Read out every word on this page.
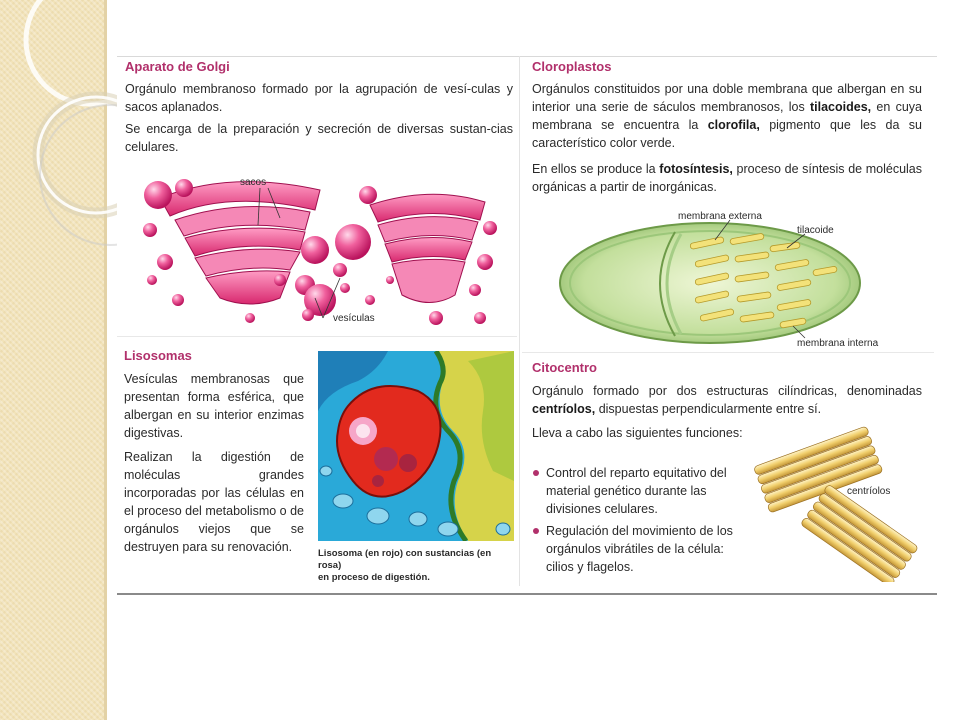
Aparato de Golgi

Orgánulo membranoso formado por la agrupación de vesí-culas y sacos aplanados.

Se encarga de la preparación y secreción de diversas sustan-cias celulares.

sacos
vesículas
Cloroplastos

Orgánulos constituidos por una doble membrana que albergan en su interior una serie de sáculos membranosos, los tilacoides, en cuya membrana se encuentra la clorofila, pigmento que les da su característico color verde.

En ellos se produce la fotosíntesis, proceso de síntesis de moléculas orgánicas a partir de inorgánicas.

membrana externa
tilacoide
membrana interna
Lisosomas

Vesículas membranosas que presentan forma esférica, que albergan en su interior enzimas digestivas.

Realizan la digestión de moléculas grandes incorporadas por las células en el proceso del metabolismo o de orgánulos viejos que se destruyen para su renovación.	Lisosoma (en rojo) con sustancias (en rosa)
en proceso de digestión.
Citocentro

Orgánulo formado por dos estructuras cilíndricas, denominadas centríolos, dispuestas perpendicularmente entre sí.

Lleva a cabo las siguientes funciones:

Control del reparto equitativo del material genético durante las divisiones celulares.
Regulación del movimiento de los orgánulos vibrátiles de la célula: cilios y flagelos.
centríolos
